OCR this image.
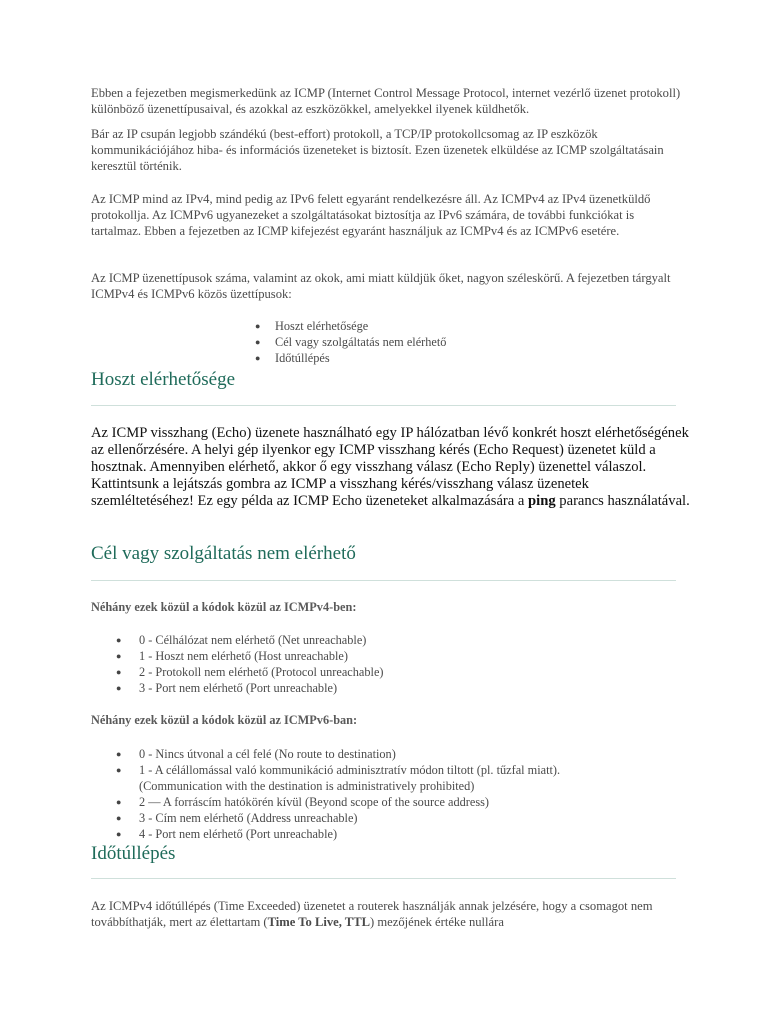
Ebben a fejezetben megismerkedünk az ICMP (Internet Control Message Protocol, internet vezérlő üzenet protokoll) különböző üzenettípusaival, és azokkal az eszközökkel, amelyekkel ilyenek küldhetők.

Bár az IP csupán legjobb szándékú (best-effort) protokoll, a TCP/IP protokollcsomag az IP eszközök kommunikációjához hiba- és információs üzeneteket is biztosít. Ezen üzenetek elküldése az ICMP szolgáltatásain keresztül történik.

Az ICMP mind az IPv4, mind pedig az IPv6 felett egyaránt rendelkezésre áll. Az ICMPv4 az IPv4 üzenetküldő protokollja. Az ICMPv6 ugyanezeket a szolgáltatásokat biztosítja az IPv6 számára, de további funkciókat is tartalmaz. Ebben a fejezetben az ICMP kifejezést egyaránt használjuk az ICMPv4 és az ICMPv6 esetére.

Az ICMP üzenettípusok száma, valamint az okok, ami miatt küldjük őket, nagyon széleskörű. A fejezetben tárgyalt ICMPv4 és ICMPv6 közös üzettípusok:

● Hoszt elérhetősége
● Cél vagy szolgáltatás nem elérhető
● Időtúllépés
Hoszt elérhetősége

Az ICMP visszhang (Echo) üzenete használható egy IP hálózatban lévő konkrét hoszt elérhetőségének az ellenőrzésére. A helyi gép ilyenkor egy ICMP visszhang kérés (Echo Request) üzenetet küld a hosztnak. Amennyiben elérhető, akkor ő egy visszhang válasz (Echo Reply) üzenettel válaszol. Kattintsunk a lejátszás gombra az ICMP a visszhang kérés/visszhang válasz üzenetek szemléltetéséhez! Ez egy példa az ICMP Echo üzeneteket alkalmazására a ping parancs használatával.

Cél vagy szolgáltatás nem elérhető
Néhány ezek közül a kódok közül az ICMPv4-ben:
● 0 - Célhálózat nem elérhető (Net unreachable)
● 1 - Hoszt nem elérhető (Host unreachable)
● 2 - Protokoll nem elérhető (Protocol unreachable)
● 3 - Port nem elérhető (Port unreachable)
Néhány ezek közül a kódok közül az ICMPv6-ban:
● 0 - Nincs útvonal a cél felé (No route to destination)
● 1 - A célállomással való kommunikáció adminisztratív módon tiltott (pl. tűzfal miatt). (Communication with the destination is administratively prohibited)
● 2 — A forráscím hatókörén kívül (Beyond scope of the source address)
● 3 - Cím nem elérhető (Address unreachable)
● 4 - Port nem elérhető (Port unreachable)
Időtúllépés

Az ICMPv4 időtúllépés (Time Exceeded) üzenetet a routerek használják annak jelzésére, hogy a csomagot nem továbbíthatják, mert az élettartam (Time To Live, TTL) mezőjének értéke nullára
